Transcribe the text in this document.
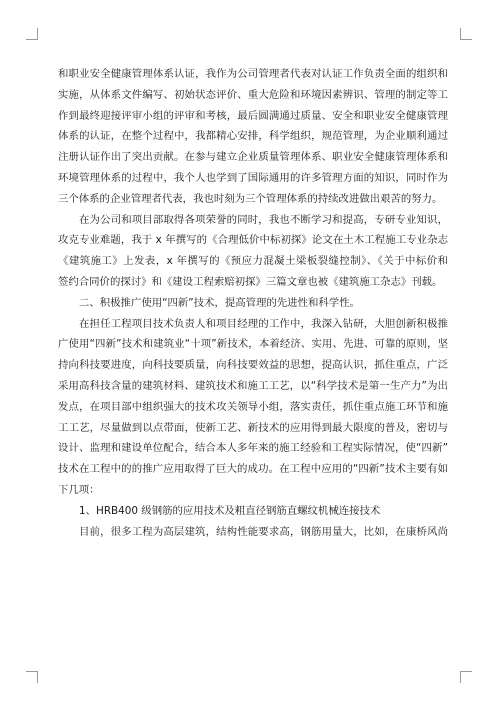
和职业安全健康管理体系认证，我作为公司管理者代表对认证工作负责全面的组织和
实施，从体系文件编写、初始状态评价、重大危险和环境因素辨识、管理的制定等工
作到最终迎接评审小组的评审和考核，最后圆满通过质量、安全和职业安全健康管理
体系的认证，在整个过程中，我都精心安排，科学组织，规范管理，为企业顺利通过
注册认证作出了突出贡献。在参与建立企业质量管理体系、职业安全健康管理体系和
环境管理体系的过程中，我个人也学到了国际通用的许多管理方面的知识，同时作为
三个体系的企业管理者代表，我也时刻为三个管理体系的持续改进做出艰苦的努力。
在为公司和项目部取得各项荣誉的同时，我也不断学习和提高，专研专业知识，
攻克专业难题，我于 x 年撰写的《合理低价中标初探》论文在土木工程施工专业杂志
《建筑施工》上发表，x 年撰写的《预应力混凝土梁板裂缝控制》、《关于中标价和
签约合同价的探讨》和《建设工程索赔初探》三篇文章也被《建筑施工杂志》刊载。
二、积极推广使用“四新”技术，提高管理的先进性和科学性。
在担任工程项目技术负责人和项目经理的工作中，我深入钻研，大胆创新积极推
广使用“四新”技术和建筑业“十项”新技术，本着经济、实用、先进、可靠的原则，坚
持向科技要进度，向科技要质量，向科技要效益的思想，提高认识，抓住重点，广泛
采用高科技含量的建筑材料、建筑技术和施工工艺，以“科学技术是第一生产力”为出
发点，在项目部中组织强大的技术攻关领导小组，落实责任，抓住重点施工环节和施
工工艺，尽量做到以点带面，使新工艺、新技术的应用得到最大限度的普及，密切与
设计、监理和建设单位配合，结合本人多年来的施工经验和工程实际情况，使“四新”
技术在工程中的的推广应用取得了巨大的成功。在工程中应用的“四新”技术主要有如
下几项：
1、HRB400 级钢筋的应用技术及粗直径钢筋直螺纹机械连接技术
目前，很多工程为高层建筑，结构性能要求高，钢筋用量大，比如，在康桥风尚
